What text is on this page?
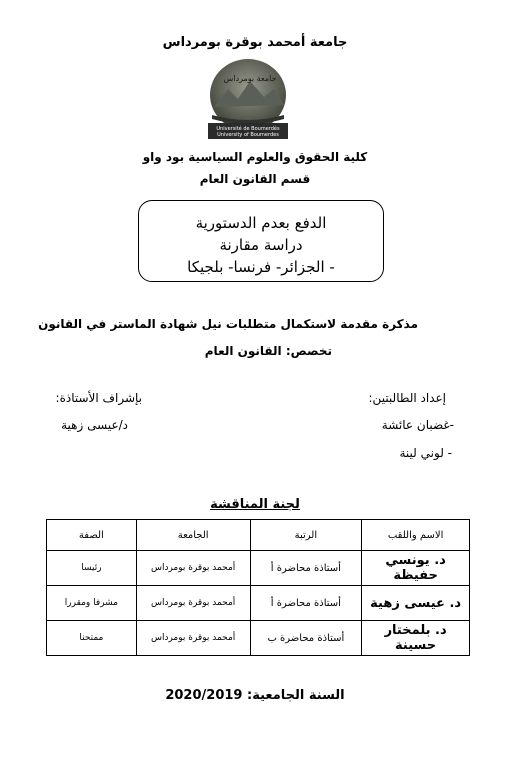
جامعة أمحمد بوقرة بومرداس
جامعة بومرداس
Université de Boumerdès
University of Boumerdes
كلية الحقوق والعلوم السياسية بود واو
قسم القانون العام
الدفع بعدم الدستورية
دراسة مقارنة
- الجزائر- فرنسا- بلجيكا
مذكرة مقدمة لاستكمال متطلبات نيل شهادة الماستر في القانون
تخصص: القانون العام
إعداد الطالبتين:
-غضبان عائشة
- لوني لينة
بإشراف الأستاذة:
د/عيسى زهية
لجنة المناقشة
الاسم واللقب	الرتبة	الجامعة	الصفة
د. يونسي حفيظة	أستاذة محاضرة أ	أمحمد بوقرة بومرداس	رئيسا
د. عيسى زهية	أستاذة محاضرة أ	أمحمد بوقرة بومرداس	مشرفا ومقررا
د. بلمختار حسينة	أستاذة محاضرة ب	أمحمد بوقرة بومرداس	ممتحنا
السنة الجامعية: 2020/2019
